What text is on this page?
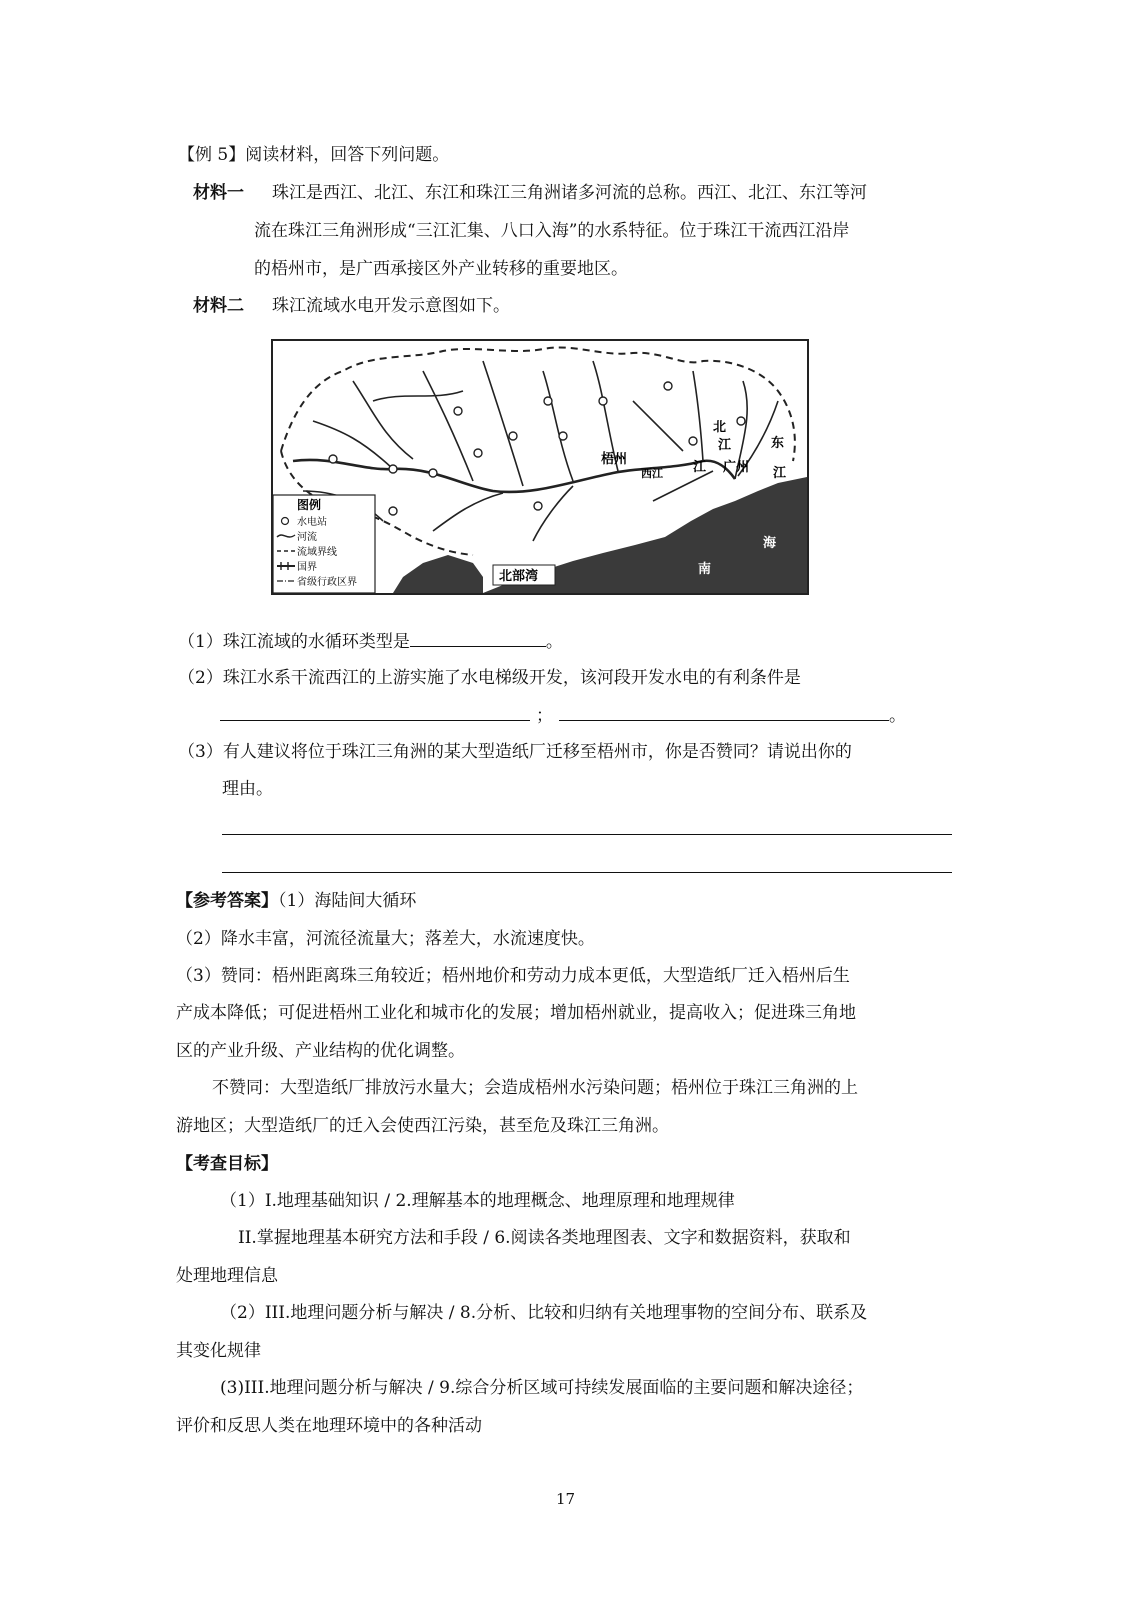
【例 5】阅读材料，回答下列问题。
材料一 珠江是西江、北江、东江和珠江三角洲诸多河流的总称。西江、北江、东江等河
流在珠江三角洲形成“三江汇集、八口入海”的水系特征。位于珠江干流西江沿岸
的梧州市，是广西承接区外产业转移的重要地区。
材料二 珠江流域水电开发示意图如下。
梧州
西江
北
江	东
江
江 广州
海
南
北部湾
图例
水电站
河流
流域界线
国界
省级行政区界
（1）珠江流域的水循环类型是	。
（2）珠江水系干流西江的上游实施了水电梯级开发，该河段开发水电的有利条件是
；	。
（3）有人建议将位于珠江三角洲的某大型造纸厂迁移至梧州市，你是否赞同？请说出你的
理由。
【参考答案】（1）海陆间大循环
（2）降水丰富，河流径流量大；落差大，水流速度快。
（3）赞同：梧州距离珠三角较近；梧州地价和劳动力成本更低，大型造纸厂迁入梧州后生
产成本降低；可促进梧州工业化和城市化的发展；增加梧州就业，提高收入；促进珠三角地
区的产业升级、产业结构的优化调整。
不赞同：大型造纸厂排放污水量大；会造成梧州水污染问题；梧州位于珠江三角洲的上
游地区；大型造纸厂的迁入会使西江污染，甚至危及珠江三角洲。
【考查目标】
（1）I.地理基础知识 / 2.理解基本的地理概念、地理原理和地理规律
II.掌握地理基本研究方法和手段 / 6.阅读各类地理图表、文字和数据资料，获取和
处理地理信息
（2）III.地理问题分析与解决 / 8.分析、比较和归纳有关地理事物的空间分布、联系及
其变化规律
(3)III.地理问题分析与解决 / 9.综合分析区域可持续发展面临的主要问题和解决途径；
评价和反思人类在地理环境中的各种活动
17
